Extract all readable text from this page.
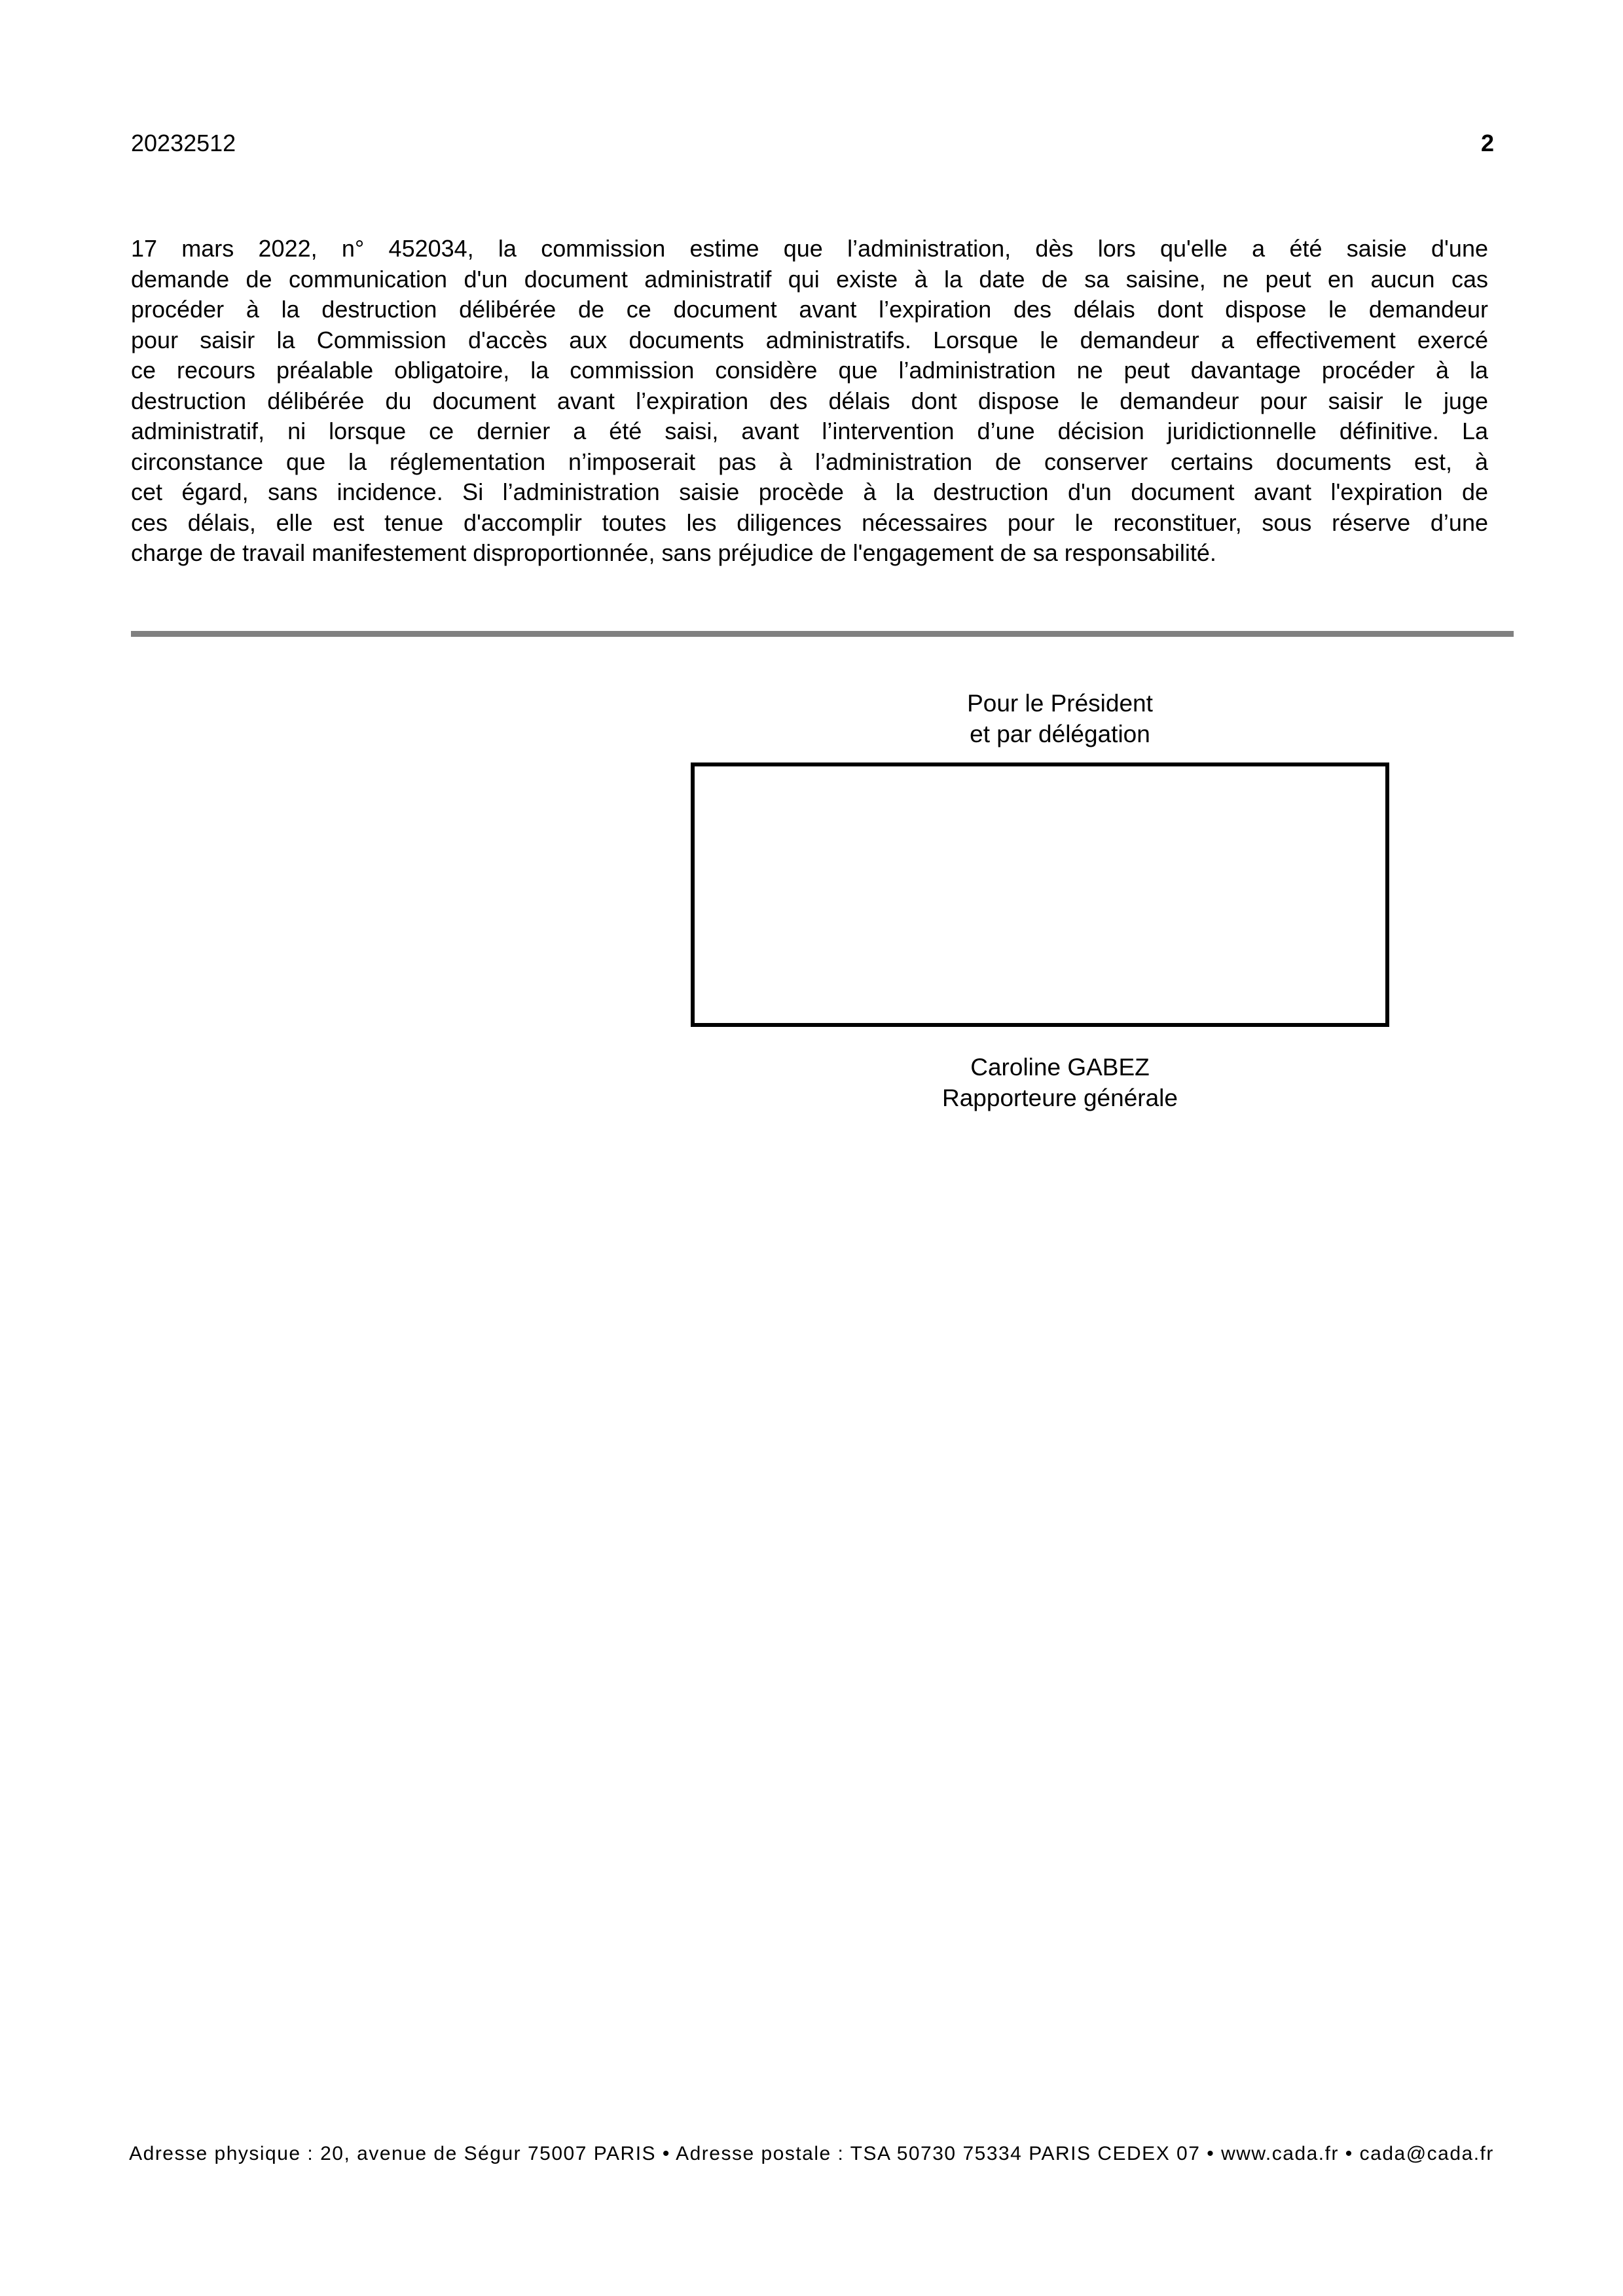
20232512	2
17 mars 2022, n° 452034, la commission estime que l’administration, dès lors qu'elle a été saisie d'une
demande de communication d'un document administratif qui existe à la date de sa saisine, ne peut en aucun cas
procéder à la destruction délibérée de ce document avant l’expiration des délais dont dispose le demandeur
pour saisir la Commission d'accès aux documents administratifs. Lorsque le demandeur a effectivement exercé
ce recours préalable obligatoire, la commission considère que l’administration ne peut davantage procéder à la
destruction délibérée du document avant l’expiration des délais dont dispose le demandeur pour saisir le juge
administratif, ni lorsque ce dernier a été saisi, avant l’intervention d’une décision juridictionnelle définitive. La
circonstance que la réglementation n’imposerait pas à l’administration de conserver certains documents est, à
cet égard, sans incidence. Si l’administration saisie procède à la destruction d'un document avant l'expiration de
ces délais, elle est tenue d'accomplir toutes les diligences nécessaires pour le reconstituer, sous réserve d’une
charge de travail manifestement disproportionnée, sans préjudice de l'engagement de sa responsabilité.
Pour le Président
et par délégation
Caroline GABEZ
Rapporteure générale
Adresse physique : 20, avenue de Ségur 75007 PARIS • Adresse postale : TSA 50730 75334 PARIS CEDEX 07 • www.cada.fr • cada@cada.fr
